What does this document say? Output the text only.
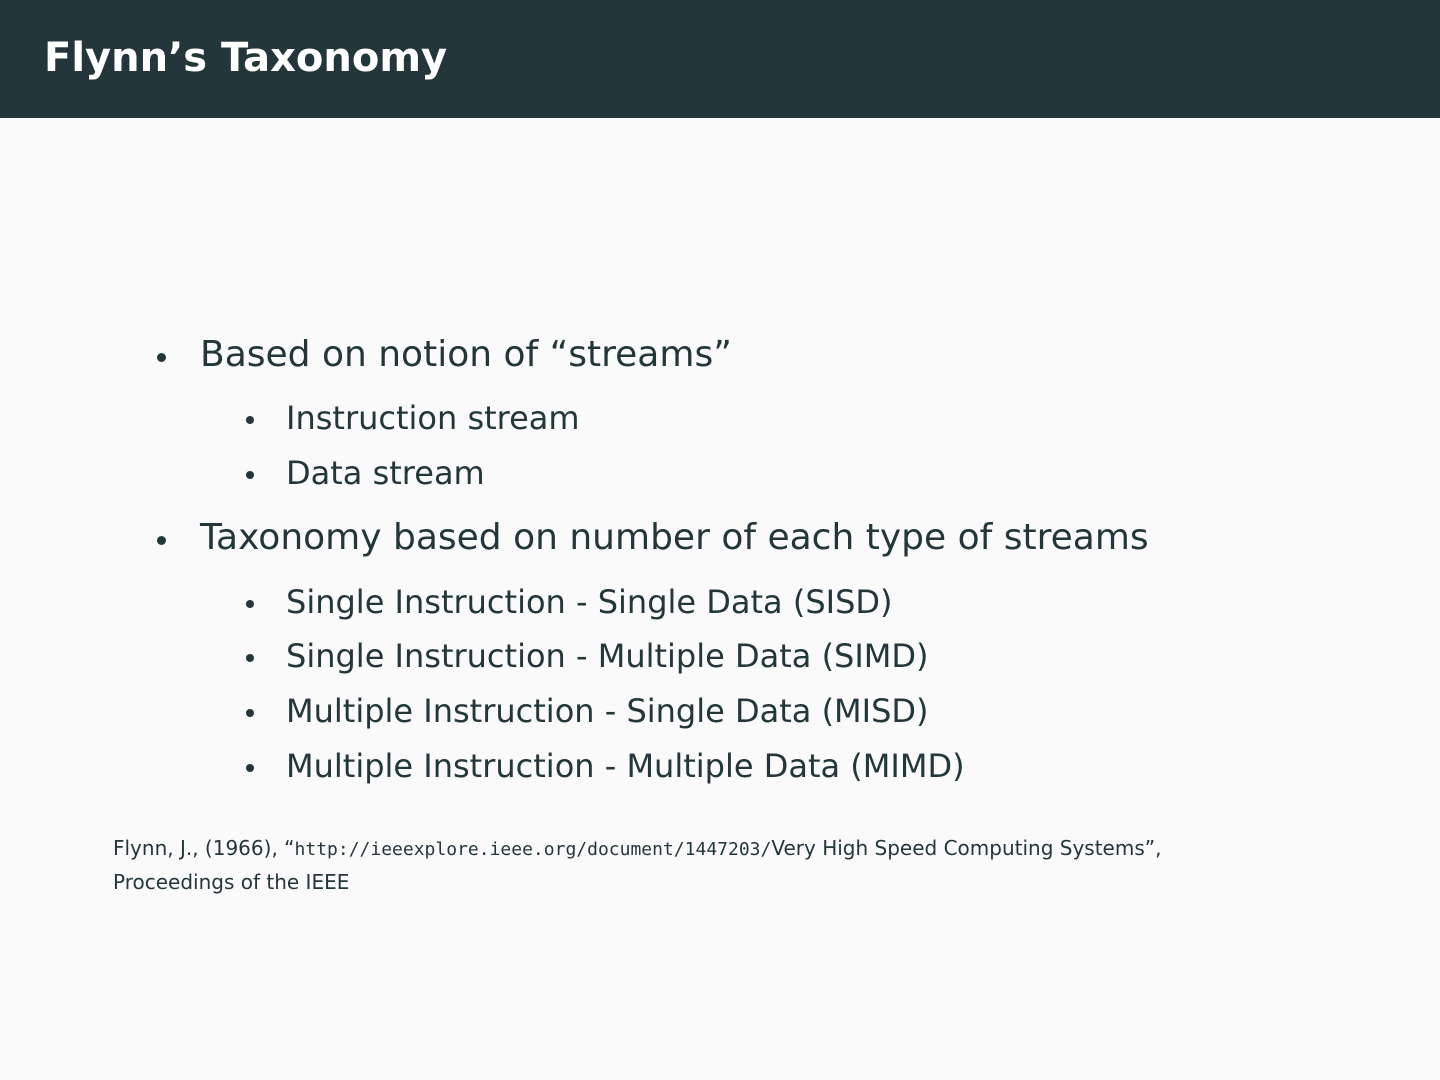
Flynn’s Taxonomy
Based on notion of “streams”
Instruction stream
Data stream
Taxonomy based on number of each type of streams
Single Instruction - Single Data (SISD)
Single Instruction - Multiple Data (SIMD)
Multiple Instruction - Single Data (MISD)
Multiple Instruction - Multiple Data (MIMD)

Flynn, J., (1966), “http://ieeexplore.ieee.org/document/1447203/Very High Speed Computing Systems”,
Proceedings of the IEEE
